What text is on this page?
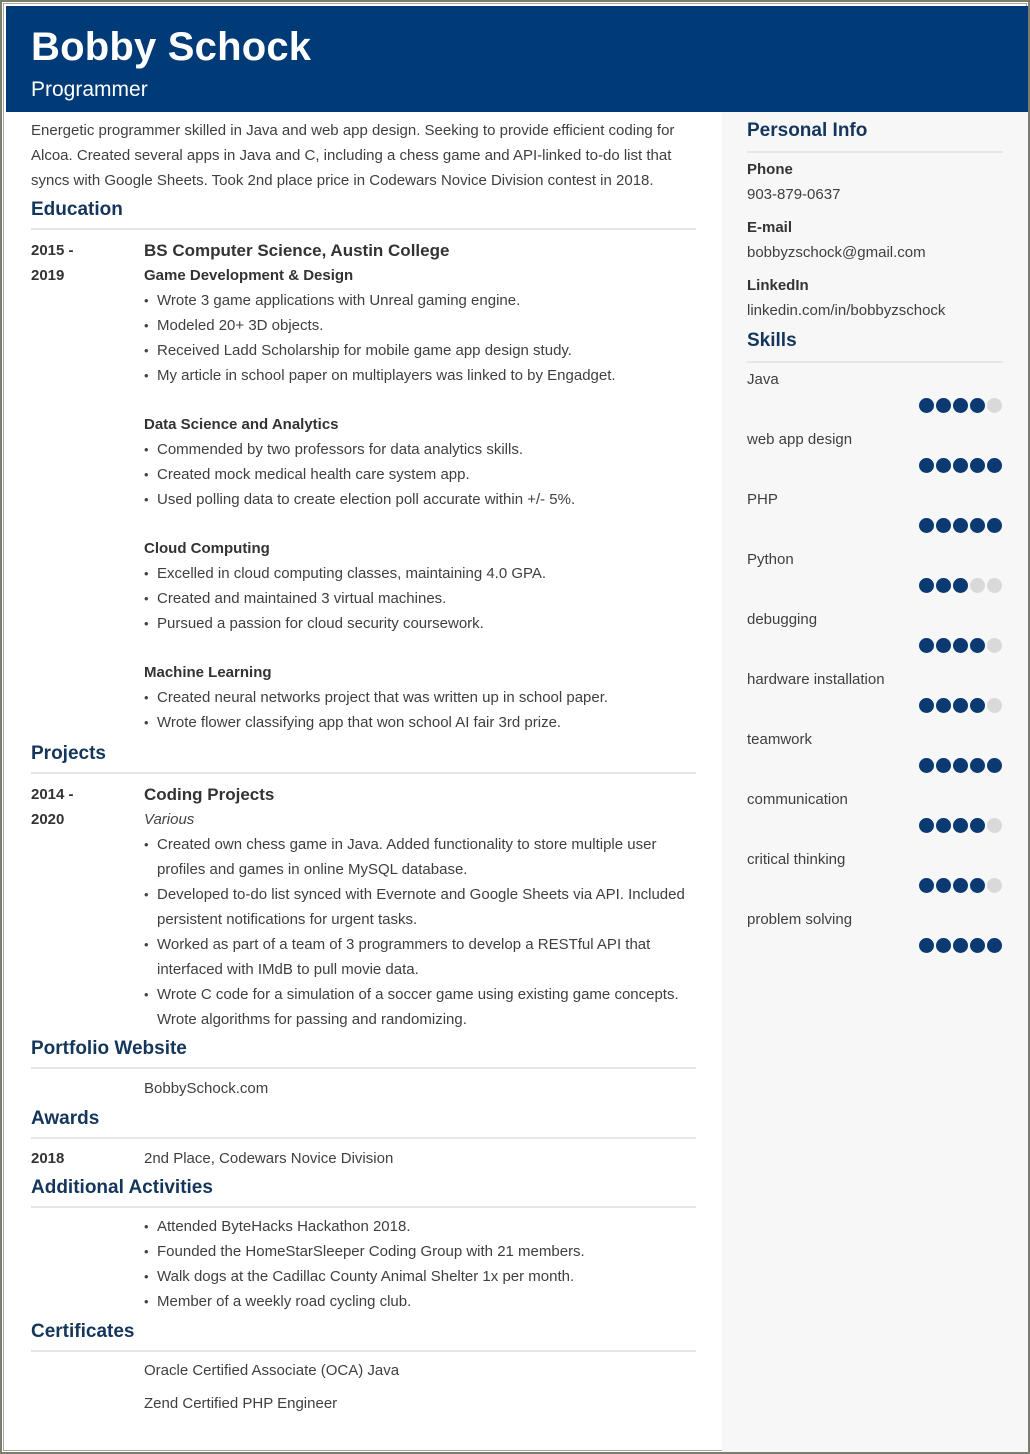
Bobby Schock
Programmer

Energetic programmer skilled in Java and web app design. Seeking to provide efficient coding for Alcoa. Created several apps in Java and C, including a chess game and API-linked to-do list that syncs with Google Sheets. Took 2nd place price in Codewars Novice Division contest in 2018.

Education
2015 -
2019
BS Computer Science, Austin College
Game Development & Design
• Wrote 3 game applications with Unreal gaming engine.
• Modeled 20+ 3D objects.
• Received Ladd Scholarship for mobile game app design study.
• My article in school paper on multiplayers was linked to by Engadget.
Data Science and Analytics
• Commended by two professors for data analytics skills.
• Created mock medical health care system app.
• Used polling data to create election poll accurate within +/- 5%.
Cloud Computing
• Excelled in cloud computing classes, maintaining 4.0 GPA.
• Created and maintained 3 virtual machines.
• Pursued a passion for cloud security coursework.
Machine Learning
• Created neural networks project that was written up in school paper.
• Wrote flower classifying app that won school AI fair 3rd prize.
Projects
2014 -
2020
Coding Projects
Various
• Created own chess game in Java. Added functionality to store multiple user profiles and games in online MySQL database.
• Developed to-do list synced with Evernote and Google Sheets via API. Included persistent notifications for urgent tasks.
• Worked as part of a team of 3 programmers to develop a RESTful API that interfaced with IMdB to pull movie data.
• Wrote C code for a simulation of a soccer game using existing game concepts. Wrote algorithms for passing and randomizing.
Portfolio Website
BobbySchock.com
Awards
2018	2nd Place, Codewars Novice Division
Additional Activities
• Attended ByteHacks Hackathon 2018.
• Founded the HomeStarSleeper Coding Group with 21 members.
• Walk dogs at the Cadillac County Animal Shelter 1x per month.
• Member of a weekly road cycling club.
Certificates
Oracle Certified Associate (OCA) Java
Zend Certified PHP Engineer
Personal Info
Phone
903-879-0637
E-mail
bobbyzschock@gmail.com
LinkedIn
linkedin.com/in/bobbyzschock
Skills
Java
web app design
PHP
Python
debugging
hardware installation
teamwork
communication
critical thinking
problem solving
